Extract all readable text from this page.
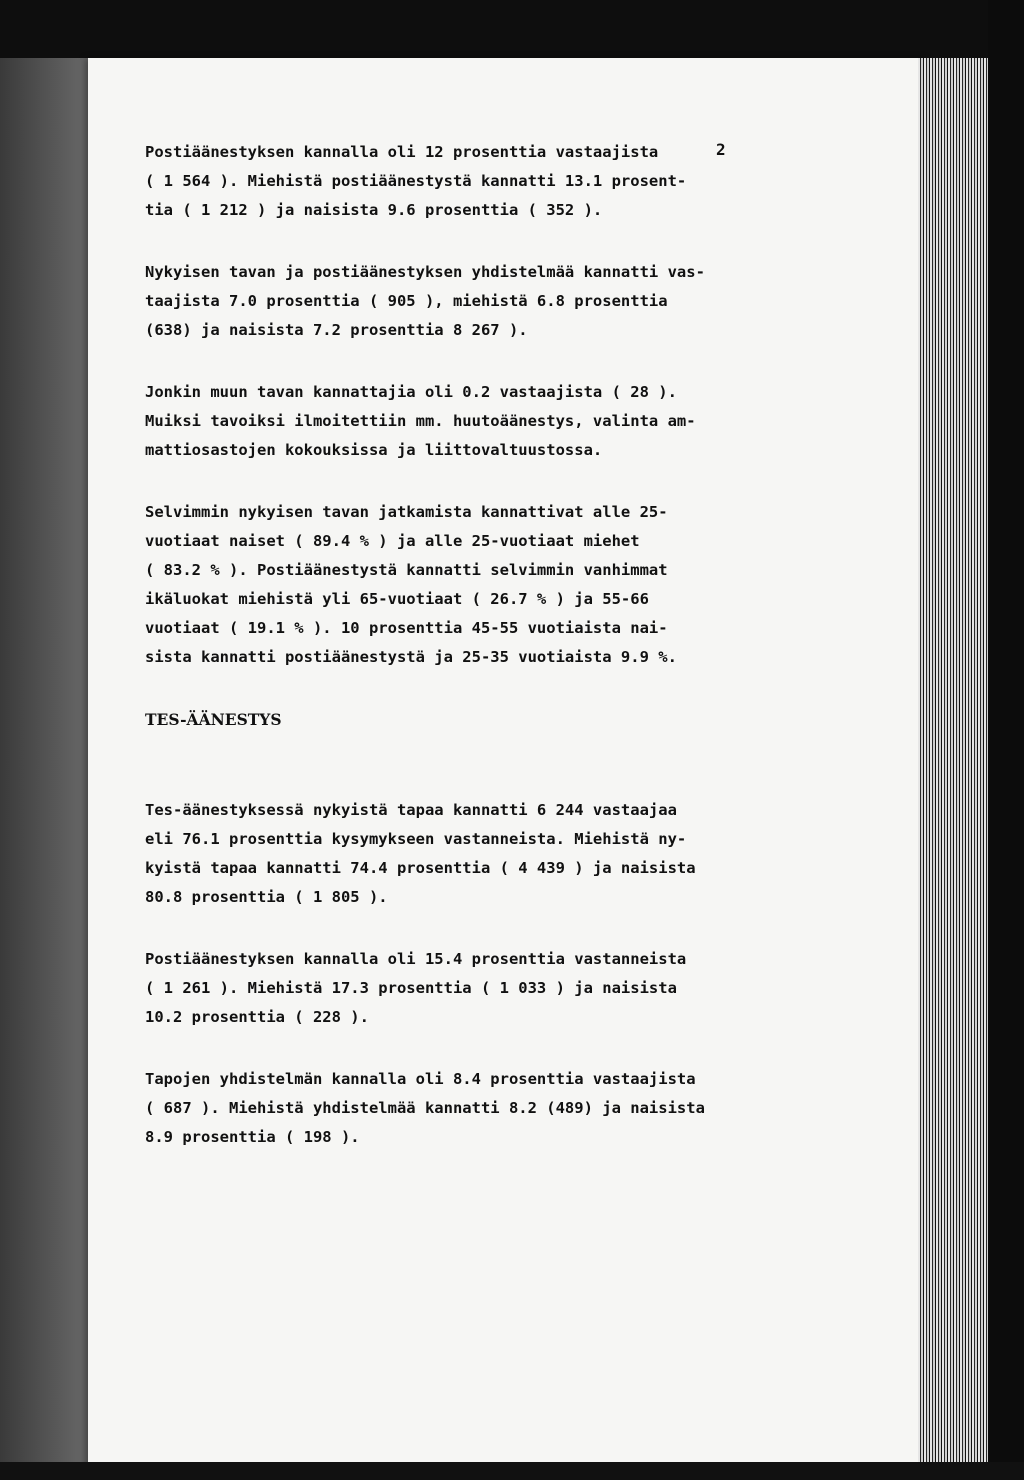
2
Postiäänestyksen kannalla oli 12 prosenttia vastaajista
( 1 564 ). Miehistä postiäänestystä kannatti 13.1 prosent-
tia ( 1 212 ) ja naisista 9.6 prosenttia ( 352 ).
Nykyisen tavan ja postiäänestyksen yhdistelmää kannatti vas-
taajista 7.0 prosenttia ( 905 ), miehistä 6.8 prosenttia
(638) ja naisista 7.2 prosenttia 8 267 ).
Jonkin muun tavan kannattajia oli 0.2 vastaajista ( 28 ).
Muiksi tavoiksi ilmoitettiin mm. huutoäänestys, valinta am-
mattiosastojen kokouksissa ja liittovaltuustossa.
Selvimmin nykyisen tavan jatkamista kannattivat alle 25-
vuotiaat naiset ( 89.4 % ) ja alle 25-vuotiaat miehet
( 83.2 % ). Postiäänestystä kannatti selvimmin vanhimmat
ikäluokat miehistä yli 65-vuotiaat ( 26.7 % ) ja 55-66
vuotiaat ( 19.1 % ). 10 prosenttia 45-55 vuotiaista nai-
sista kannatti postiäänestystä ja 25-35 vuotiaista 9.9 %.
TES-ÄÄNESTYS
Tes-äänestyksessä nykyistä tapaa kannatti 6 244 vastaajaa
eli 76.1 prosenttia kysymykseen vastanneista. Miehistä ny-
kyistä tapaa kannatti 74.4 prosenttia ( 4 439 ) ja naisista
80.8 prosenttia ( 1 805 ).
Postiäänestyksen kannalla oli 15.4 prosenttia vastanneista
( 1 261 ). Miehistä 17.3 prosenttia ( 1 033 ) ja naisista
10.2 prosenttia ( 228 ).
Tapojen yhdistelmän kannalla oli 8.4 prosenttia vastaajista
( 687 ). Miehistä yhdistelmää kannatti 8.2 (489) ja naisista
8.9 prosenttia ( 198 ).
